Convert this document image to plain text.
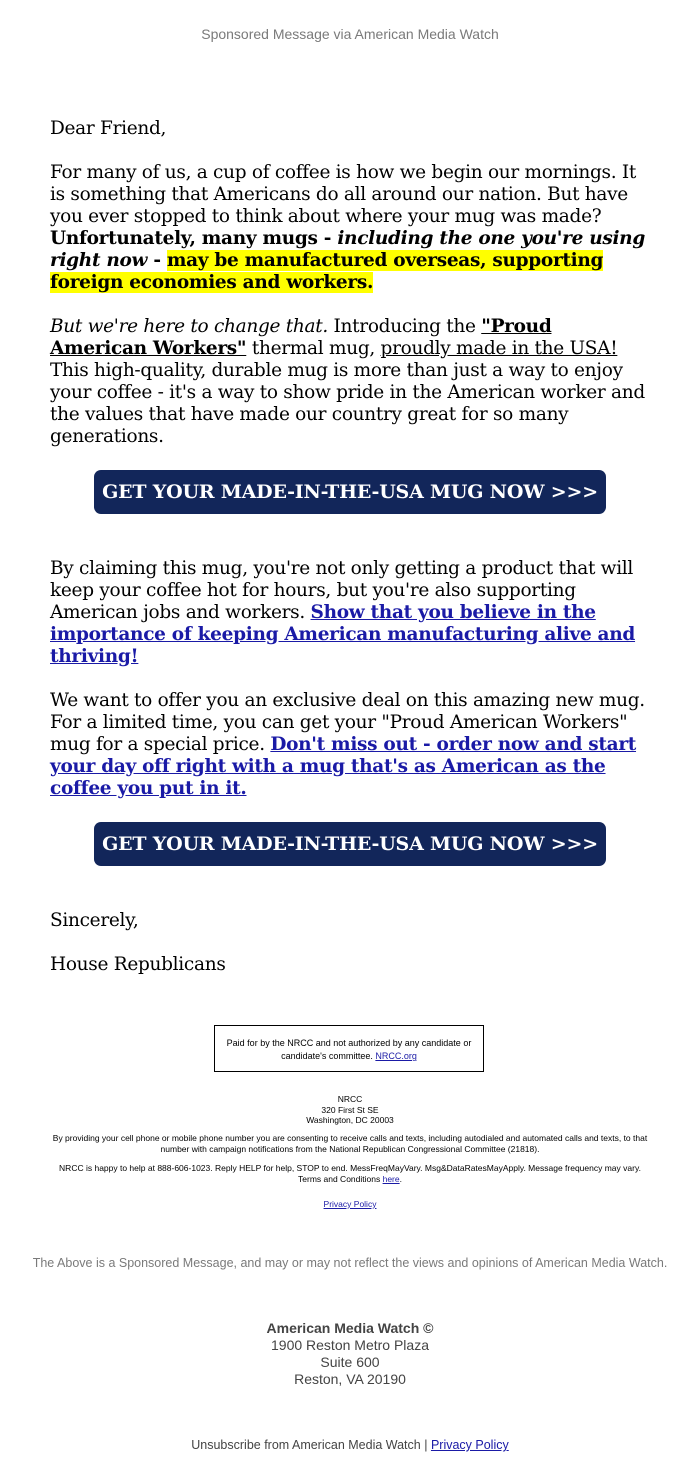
Sponsored Message via American Media Watch

Dear Friend,

For many of us, a cup of coffee is how we begin our mornings. It is something that Americans do all around our nation. But have you ever stopped to think about where your mug was made? Unfortunately, many mugs - including the one you're using right now - may be manufactured overseas, supporting foreign economies and workers.

But we're here to change that. Introducing the "Proud American Workers" thermal mug, proudly made in the USA! This high-quality, durable mug is more than just a way to enjoy your coffee - it's a way to show pride in the American worker and the values that have made our country great for so many generations.

GET YOUR MADE-IN-THE-USA MUG NOW >>>

By claiming this mug, you're not only getting a product that will keep your coffee hot for hours, but you're also supporting American jobs and workers. Show that you believe in the importance of keeping American manufacturing alive and thriving!

We want to offer you an exclusive deal on this amazing new mug. For a limited time, you can get your "Proud American Workers" mug for a special price. Don't miss out - order now and start your day off right with a mug that's as American as the coffee you put in it.

GET YOUR MADE-IN-THE-USA MUG NOW >>>

Sincerely,

House Republicans

Paid for by the NRCC and not authorized by any candidate or candidate's committee. NRCC.org
NRCC
320 First St SE
Washington, DC 20003
By providing your cell phone or mobile phone number you are consenting to receive calls and texts, including autodialed and automated calls and texts, to that number with campaign notifications from the National Republican Congressional Committee (21818).
NRCC is happy to help at 888-606-1023. Reply HELP for help, STOP to end. MessFreqMayVary. Msg&DataRatesMayApply. Message frequency may vary. Terms and Conditions here.
Privacy Policy
The Above is a Sponsored Message, and may or may not reflect the views and opinions of American Media Watch.
American Media Watch ©
1900 Reston Metro Plaza
Suite 600
Reston, VA 20190
Unsubscribe from American Media Watch | Privacy Policy
